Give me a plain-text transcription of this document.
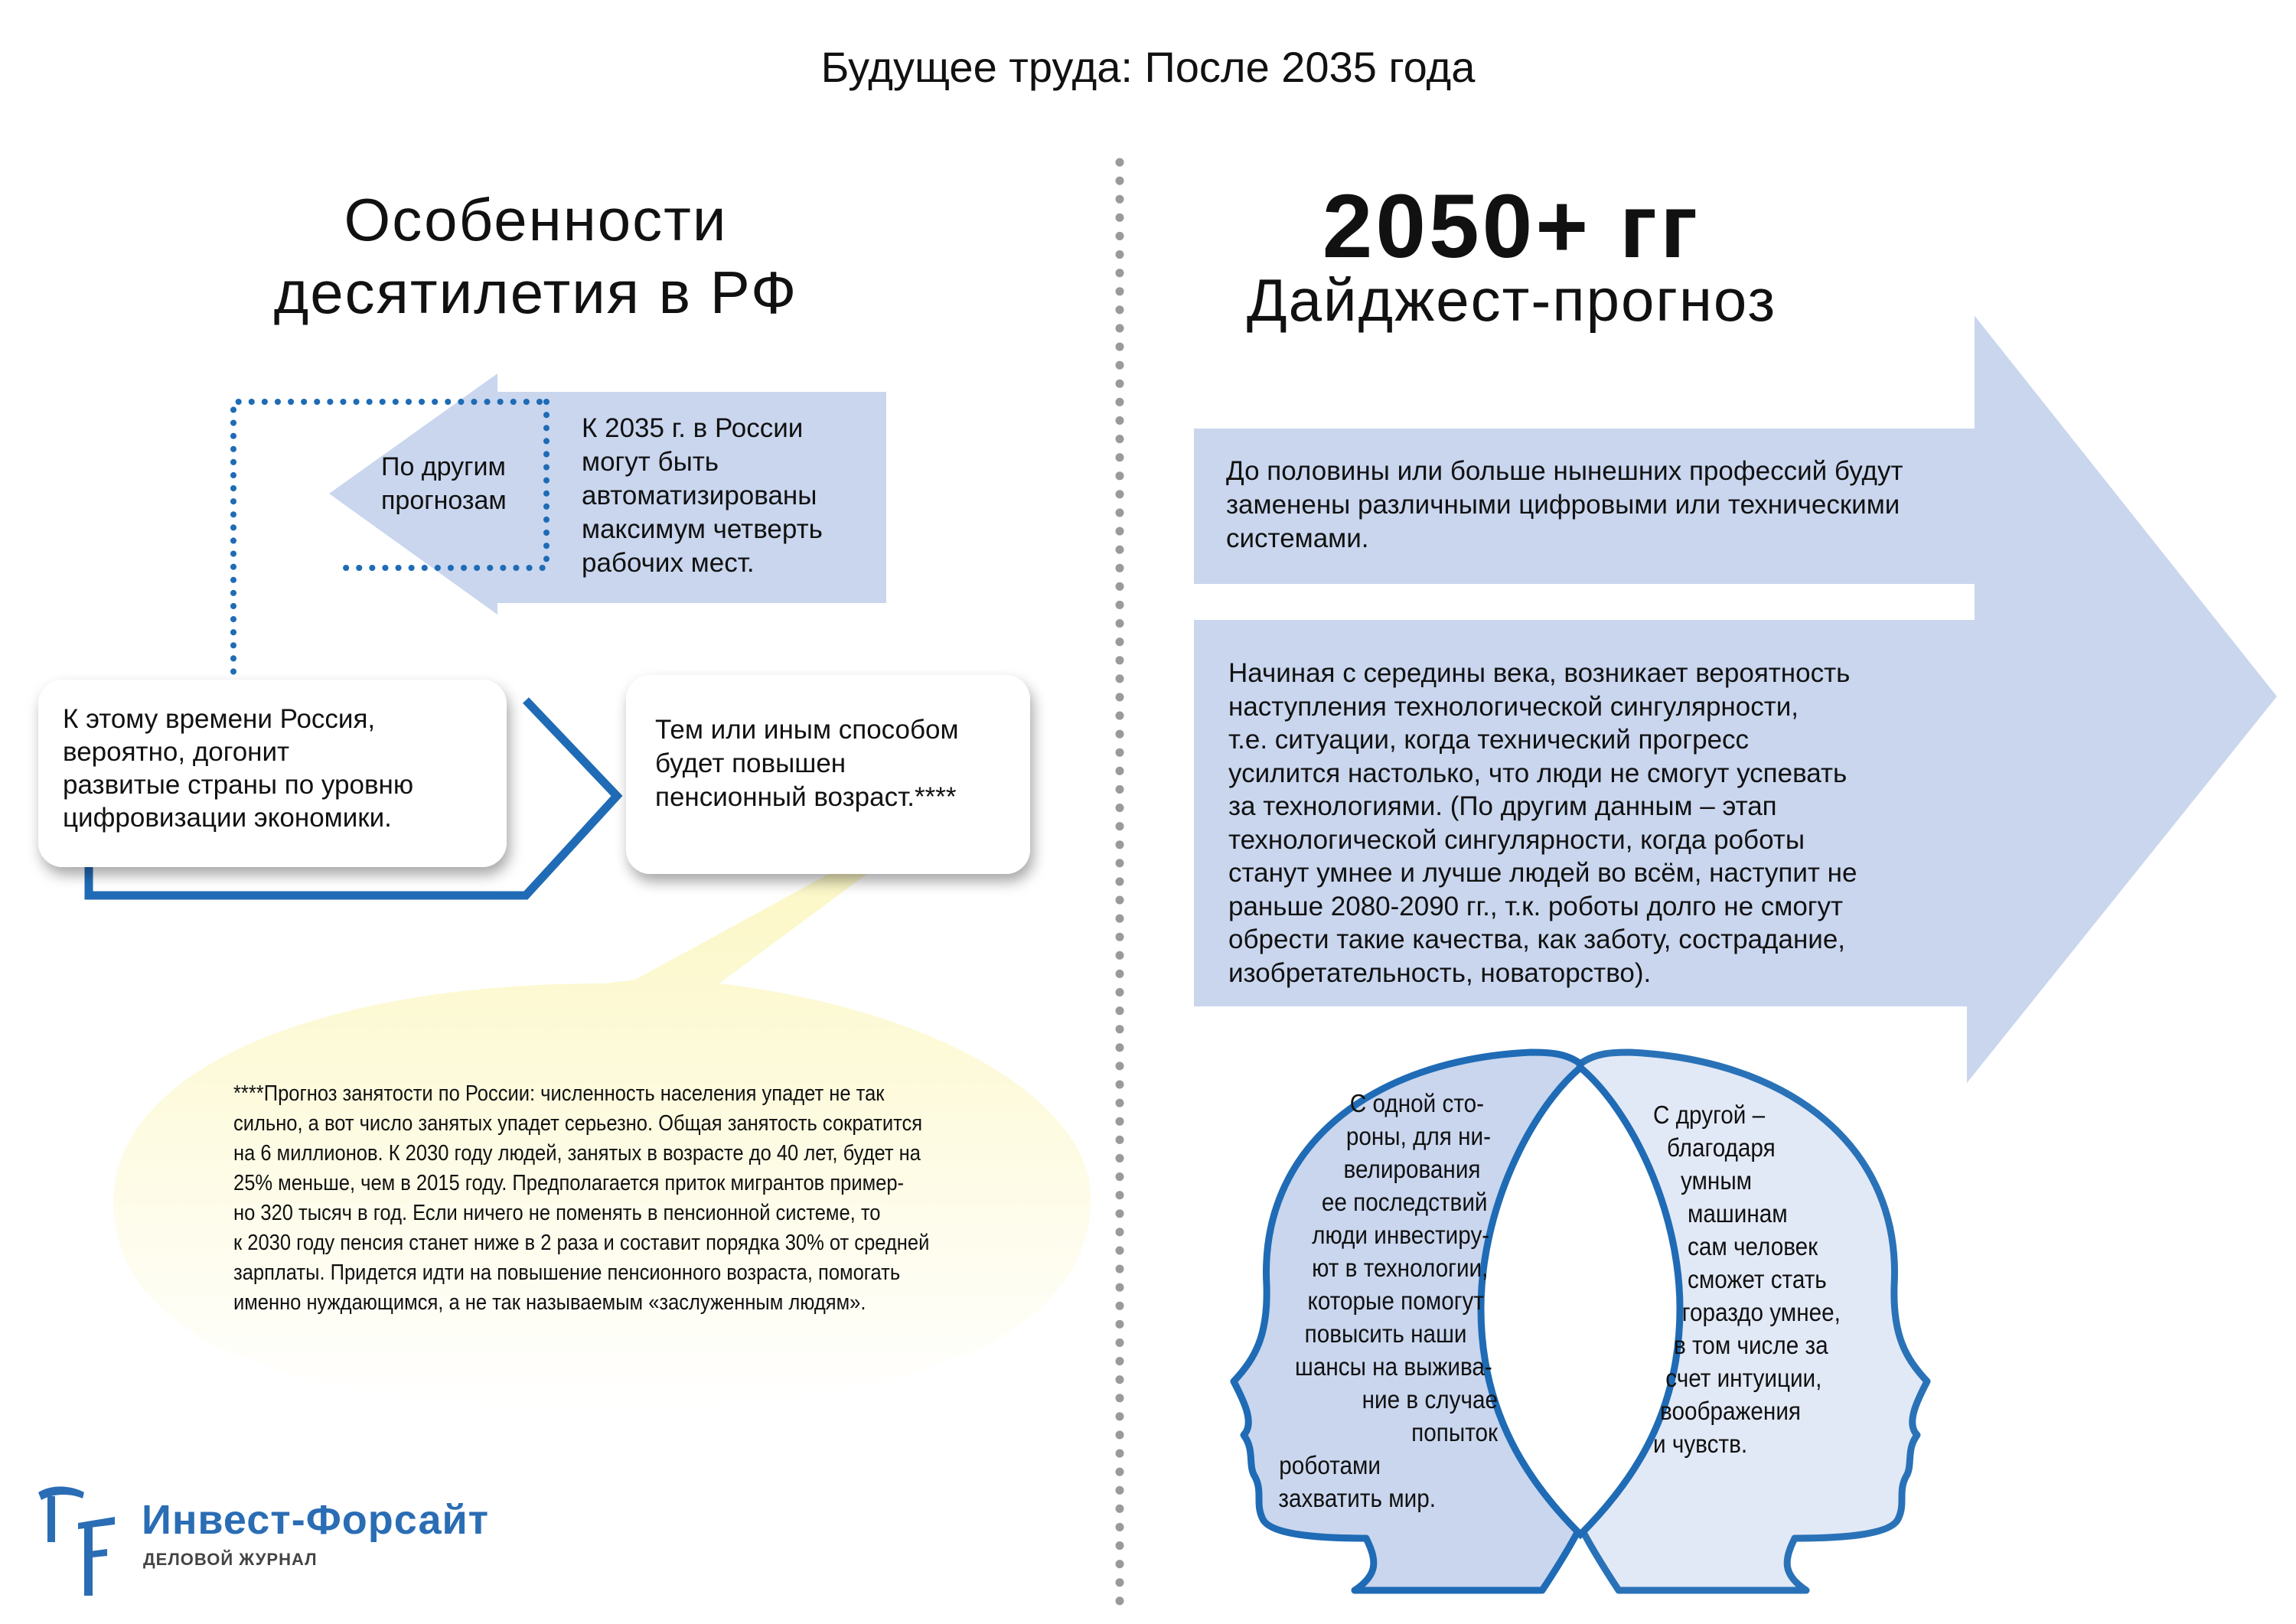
Будущее труда: После 2035 года
Особенности
десятилетия в РФ
2050+ гг
Дайджест-прогноз
По другим
прогнозам
К 2035 г. в России
могут быть
автоматизированы
максимум четверть
рабочих мест.
К этому времени Россия,
вероятно, догонит
развитые страны по уровню
цифровизации экономики.
Тем или иным способом
будет повышен
пенсионный возраст.****
****Прогноз занятости по России: численность населения упадет не так
сильно, а вот число занятых упадет серьезно. Общая занятость сократится
на 6 миллионов. К 2030 году людей, занятых в возрасте до 40 лет, будет на
25% меньше, чем в 2015 году. Предполагается приток мигрантов пример-
но 320 тысяч в год. Если ничего не поменять в пенсионной системе, то
к 2030 году пенсия станет ниже в 2 раза и составит порядка 30% от средней
зарплаты. Придется идти на повышение пенсионного возраста, помогать
именно нуждающимся, а не так называемым «заслуженным людям».
До половины или больше нынешних профессий будут
заменены различными цифровыми или техническими
системами.
Начиная с середины века, возникает вероятность
наступления технологической сингулярности,
т.е. ситуации, когда технический прогресс
усилится настолько, что люди не смогут успевать
за технологиями. (По другим данным – этап
технологической сингулярности, когда роботы
станут умнее и лучше людей во всём, наступит не
раньше 2080-2090 гг., т.к. роботы долго не смогут
обрести такие качества, как заботу, сострадание,
изобретательность, новаторство).
С одной сто-
роны, для ни-
велирования
ее последствий
люди инвестиру-
ют в технологии,
которые помогут
повысить наши
шансы на выжива-
ние в случае попыток
роботами
захватить мир.
С другой –
благодаря
умным
машинам
сам человек
сможет стать
гораздо умнее,
в том числе за
счет интуиции,
воображения
и чувств.
Инвест-Форсайт
ДЕЛОВОЙ ЖУРНАЛ
